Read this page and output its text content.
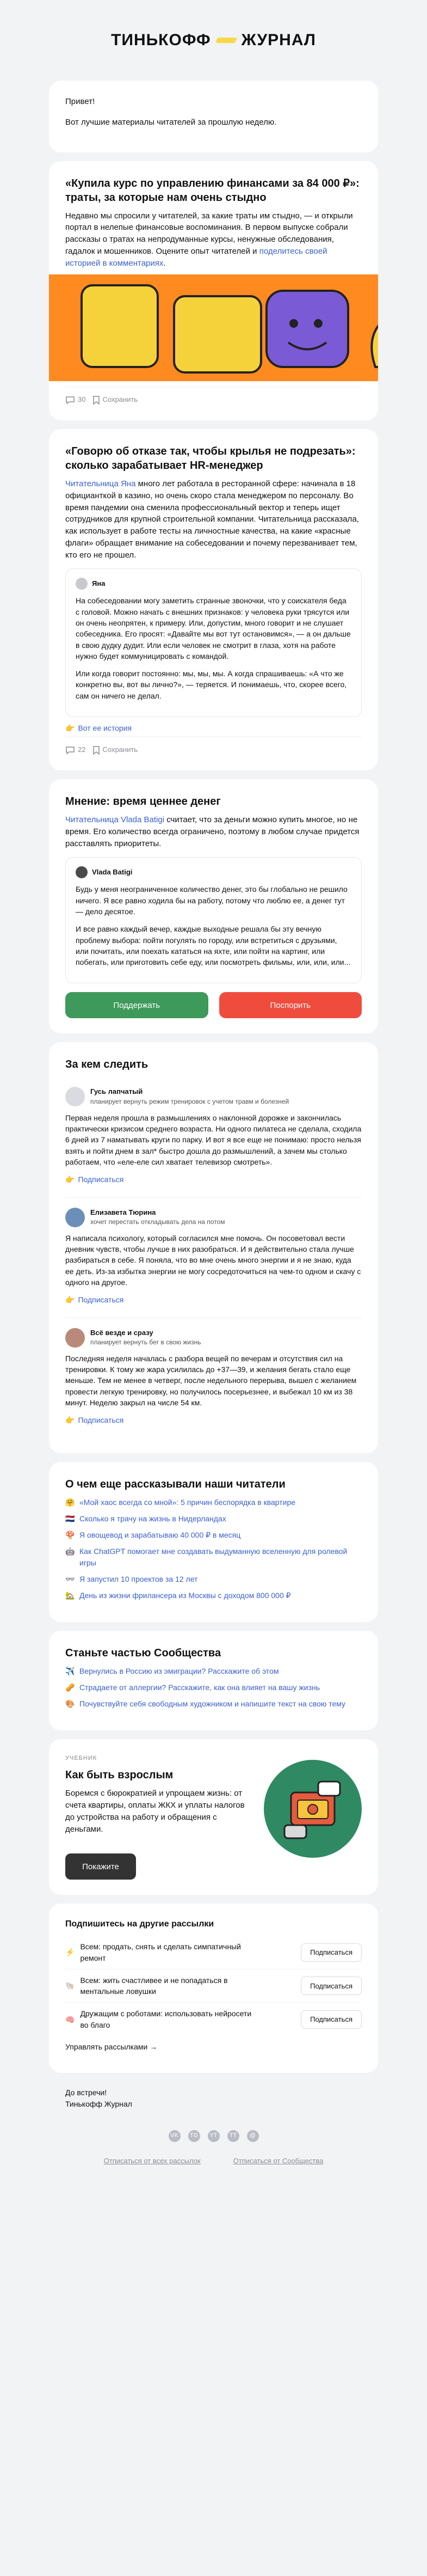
ТИНЬКОФФ ЖУРНАЛ

Привет!

Вот лучшие материалы читателей за прошлую неделю.

«Купила курс по управлению финансами за 84 000 ₽»: траты, за которые нам очень стыдно

Недавно мы спросили у читателей, за какие траты им стыдно, — и открыли портал в нелепые финансовые воспоминания. В первом выпуске собрали рассказы о тратах на непродуманные курсы, ненужные обследования, гадалок и мошенников. Оцените опыт читателей и поделитесь своей историей в комментариях.

30 Сохранить
«Говорю об отказе так, чтобы крылья не подрезать»: сколько зарабатывает HR-менеджер

Читательница Яна много лет работала в ресторанной сфере: начинала в 18 официанткой в казино, но очень скоро стала менеджером по персоналу. Во время пандемии она сменила профессиональный вектор и теперь ищет сотрудников для крупной строительной компании. Читательница рассказала, как использует в работе тесты на личностные качества, на какие «красные флаги» обращает внимание на собеседовании и почему перезванивает тем, кто его не прошел.

Яна

На собеседовании могу заметить странные звоночки, что у соискателя беда с головой. Можно начать с внешних признаков: у человека руки трясутся или он очень неопрятен, к примеру. Или, допустим, много говорит и не слушает собеседника. Его просят: «Давайте мы вот тут остановимся», — а он дальше в свою дудку дудит. Или если человек не смотрит в глаза, хотя на работе нужно будет коммуницировать с командой.

Или когда говорит постоянно: мы, мы, мы. А когда спрашиваешь: «А что же конкретно вы, вот вы лично?», — теряется. И понимаешь, что, скорее всего, сам он ничего не делал.

👉 Вот ее история
22 Сохранить
Мнение: время ценнее денег

Читательница Vlada Batigi считает, что за деньги можно купить многое, но не время. Его количество всегда ограничено, поэтому в любом случае придется расставлять приоритеты.

Vlada Batigi

Будь у меня неограниченное количество денег, это бы глобально не решило ничего. Я все равно ходила бы на работу, потому что люблю ее, а денег тут — дело десятое.

И все равно каждый вечер, каждые выходные решала бы эту вечную проблему выбора: пойти погулять по городу, или встретиться с друзьями, или почитать, или поехать кататься на яхте, или пойти на картинг, или побегать, или приготовить себе еду, или посмотреть фильмы, или, или, или...

Поддержать	Поспорить
За кем следить
Гусь лапчатый
планирует вернуть режим тренировок с учетом травм и болезней
Первая неделя прошла в размышлениях о наклонной дорожке и закончилась практически кризисом среднего возраста. Ни одного пилатеса не сделала, сходила 6 дней из 7 наматывать круги по парку. И вот я все еще не понимаю: просто нельзя взять и пойти днем в зал* быстро дошла до размышлений, а зачем мы столько работаем, что «еле-еле сил хватает телевизор смотреть».
👉 Подписаться
Елизавета Тюрина
хочет перестать откладывать дела на потом
Я написала психологу, который согласился мне помочь. Он посоветовал вести дневник чувств, чтобы лучше в них разобраться. И я действительно стала лучше разбираться в себе. Я поняла, что во мне очень много энергии и я не знаю, куда ее деть. Из-за избытка энергии не могу сосредоточиться на чем-то одном и скачу с одного на другое.
👉 Подписаться
Всё везде и сразу
планирует вернуть бег в свою жизнь
Последняя неделя началась с разбора вещей по вечерам и отсутствия сил на тренировки. К тому же жара усилилась до +37—39, и желания бегать стало еще меньше. Тем не менее в четверг, после недельного перерыва, вышел с желанием провести легкую тренировку, но получилось посерьезнее, и выбежал 10 км из 38 минут. Неделю закрыл на числе 54 км.
👉 Подписаться
О чем еще рассказывали наши читатели
🤗 «Мой хаос всегда со мной»: 5 причин беспорядка в квартире
🇳🇱 Сколько я трачу на жизнь в Нидерландах
🍄 Я овощевод и зарабатываю 40 000 ₽ в месяц
🤖 Как ChatGPT помогает мне создавать выдуманную вселенную для ролевой игры
👓 Я запустил 10 проектов за 12 лет
🏡 День из жизни фрилансера из Москвы с доходом 800 000 ₽
Станьте частью Сообщества
✈️ Вернулись в Россию из эмиграции? Расскажите об этом
🥜 Страдаете от аллергии? Расскажите, как она влияет на вашу жизнь
🎨 Почувствуйте себя свободным художником и напишите текст на свою тему
УЧЕБНИК
Как быть взрослым

Боремся с бюрократией и упрощаем жизнь: от счета квартиры, оплаты ЖКХ и уплаты налогов до устройства на работу и обращения с деньгами.

Покажите
Подпишитесь на другие рассылки
⚡
Всем: продать, снять и сделать симпатичный ремонт
Подписаться
🐚
Всем: жить счастливее и не попадаться в ментальные ловушки
Подписаться
🧠
Дружащим с роботами: использовать нейросети во благо
Подписаться

Управлять рассылками →

До встречи!
Тинькофф Журнал
VK	TG	YT	TT	@
Отписаться от всех рассылок	Отписаться от Сообщества
